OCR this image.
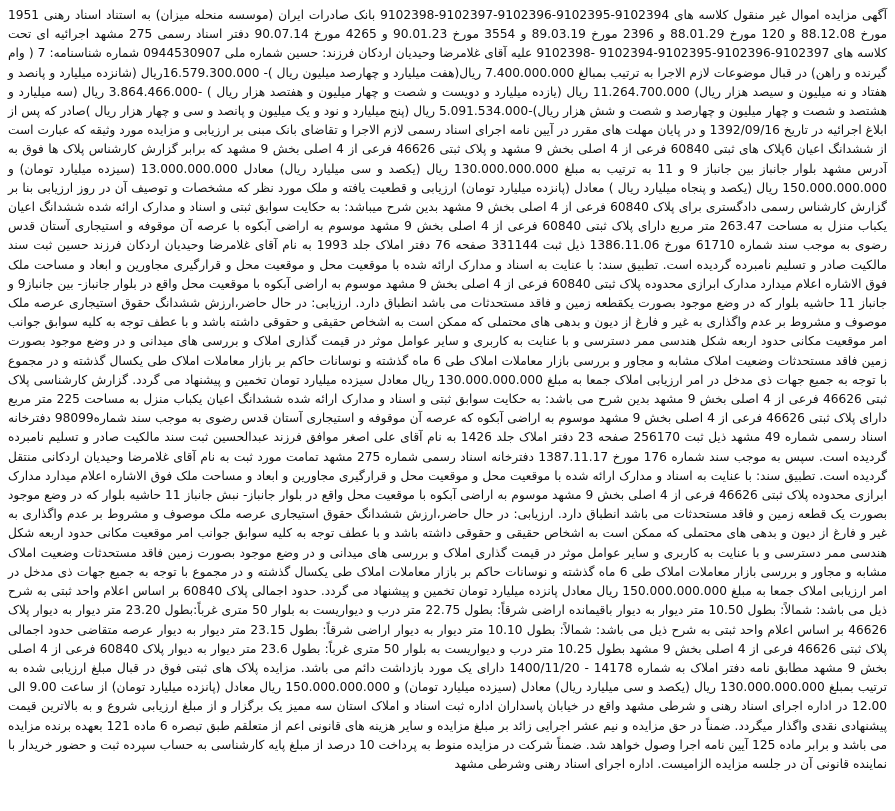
آگهی مزایده اموال غیر منقول کلاسه های 9102394-9102395-9102396-9102397-9102398 بانک صادرات ایران (موسسه منحله میزان) به استناد اسناد رهنی 1951 مورخ 88.12.08 و 120 مورخ 88.01.29 و 2396 مورخ 89.03.19 و 3554 مورخ 90.01.23 و 4265 مورخ 90.07.14 دفتر اسناد رسمی 275 مشهد اجرائیه ای تحت کلاسه های 9102397-9102396-9102395-9102394 -9102398 علیه آقای غلامرضا وحیدیان اردکان فرزند: حسین شماره ملی 0944530907 شماره شناسنامه: 7 ( وام گیرنده و راهن) در قبال موضوعات لازم الاجرا به ترتیب بمبالغ 7.400.000.000 ریال(هفت میلیارد و چهارصد میلیون ریال )- 16.579.300.000ریال (شانزده میلیارد و پانصد و هفتاد و نه میلیون و سیصد هزار ریال) 11.264.700.000 ریال (یازده میلیارد و دویست و شصت و چهار میلیون و هفتصد هزار ریال ) -3.864.466.000 ریال (سه میلیارد و هشتصد و شصت و چهار میلیون و چهارصد و شصت و شش هزار ریال)-5.091.534.000 ریال (پنج میلیارد و نود و یک میلیون و پانصد و سی و چهار هزار ریال )صادر که پس از ابلاغ اجرائیه در تاریخ 1392/09/16 و در پایان مهلت های مقرر در آیین نامه اجرای اسناد رسمی لازم الاجرا و تقاضای بانک مبنی بر ارزیابی و مزایده مورد وثیقه که عبارت است از ششدانگ اعیان 6پلاک های ثبتی 60840 فرعی از 4 اصلی بخش 9 مشهد و پلاک ثبتی 46626 فرعی از 4 اصلی بخش 9 مشهد که برابر گزارش کارشناس پلاک ها فوق به آدرس مشهد بلوار جانباز بین جانباز 9 و 11 به ترتیب به مبلغ 130.000.000.000 ریال (یکصد و سی میلیارد ریال) معادل 13.000.000.000 (سیزده میلیارد تومان) و 150.000.000.000 ریال (یکصد و پنجاه میلیارد ریال ) معادل (پانزده میلیارد تومان) ارزیابی و قطعیت یافته و ملک مورد نظر که مشخصات و توصیف آن در روز ارزیابی بنا بر گزارش کارشناس رسمی دادگستری برای پلاک 60840 فرعی از 4 اصلی بخش 9 مشهد بدین شرح میباشد: به حکایت سوابق ثبتی و اسناد و مدارک ارائه شده ششدانگ اعیان یکباب منزل به مساحت 263.47 متر مربع دارای پلاک ثبتی 60840 فرعی از 4 اصلی بخش 9 مشهد موسوم به اراضی آبکوه با عرصه آن موقوفه و استیجاری آستان قدس رضوی به موجب سند شماره 61710 مورخ 1386.11.06 ذیل ثبت 331144 صفحه 76 دفتر املاک جلد 1993 به نام آقای غلامرضا وحیدیان اردکان فرزند حسین ثبت سند مالکیت صادر و تسلیم نامبرده گردیده است. تطبیق سند: با عنایت به اسناد و مدارک ارائه شده با موقعیت محل و موقعیت محل و قرارگیری مجاورین و ابعاد و مساحت ملک فوق الاشاره اعلام میدارد مدارک ابرازی محدوده پلاک ثبتی 60840 فرعی از 4 اصلی بخش 9 مشهد موسوم به اراضی آبکوه با موقعیت محل واقع در بلوار جانباز- بین جانباز9 و جانباز 11 حاشیه بلوار که در وضع موجود بصورت یکقطعه زمین و فاقد مستحدثات می باشد انطباق دارد. ارزیابی: در حال حاضر،ارزش ششدانگ حقوق استیجاری عرصه ملک موصوف و مشروط بر عدم واگذاری به غیر و فارغ از دیون و بدهی های محتملی که ممکن است به اشخاص حقیقی و حقوقی داشته باشد و با عطف توجه به کلیه سوابق جوانب امر موقعیت مکانی حدود اربعه شکل هندسی ممر دسترسی و با عنایت به کاربری و سایر عوامل موثر در قیمت گذاری املاک و بررسی های میدانی و در وضع موجود بصورت زمین فاقد مستحدثات وضعیت املاک مشابه و مجاور و بررسی بازار معاملات املاک طی 6 ماه گذشته و نوسانات حاکم بر بازار معاملات املاک طی یکسال گذشته و در مجموع با توجه به جمیع جهات ذی مدخل در امر ارزیابی املاک جمعا به مبلغ 130.000.000.000 ریال معادل سیزده میلیارد تومان تخمین و پیشنهاد می گردد. گزارش کارشناسی پلاک ثبتی 46626 فرعی از 4 اصلی بخش 9 مشهد بدین شرح می باشد: به حکایت سوابق ثبتی و اسناد و مدارک ارائه شده ششدانگ اعیان یکباب منزل به مساحت 225 متر مربع دارای پلاک ثبتی 46626 فرعی از 4 اصلی بخش 9 مشهد موسوم به اراضی آبکوه که عرصه آن موقوفه و استیجاری آستان قدس رضوی به موجب سند شماره98099 دفترخانه اسناد رسمی شماره 49 مشهد ذیل ثبت 256170 صفحه 23 دفتر املاک جلد 1426 به نام آقای علی اصغر موافق فرزند عبدالحسین ثبت سند مالکیت صادر و تسلیم نامبرده گردیده است. سپس به موجب سند شماره 176 مورخ 1387.11.17 دفترخانه اسناد رسمی شماره 275 مشهد تمامت مورد ثبت به نام آقای غلامرضا وحیدیان اردکانی منتقل گردیده است. تطبیق سند: با عنایت به اسناد و مدارک ارائه شده با موقعیت محل و موقعیت محل و قرارگیری مجاورین و ابعاد و مساحت ملک فوق الاشاره اعلام میدارد مدارک ابرازی محدوده پلاک ثبتی 46626 فرعی از 4 اصلی بخش 9 مشهد موسوم به اراضی آبکوه با موقعیت محل واقع در بلوار جانباز- نبش جانباز 11 حاشیه بلوار که در وضع موجود بصورت یک قطعه زمین و فاقد مستحدثات می باشد انطباق دارد. ارزیابی: در حال حاضر،ارزش ششدانگ حقوق استیجاری عرصه ملک موصوف و مشروط بر عدم واگذاری به غیر و فارغ از دیون و بدهی های محتملی که ممکن است به اشخاص حقیقی و حقوقی داشته باشد و با عطف توجه به کلیه سوابق جوانب امر موقعیت مکانی حدود اربعه شکل هندسی ممر دسترسی و با عنایت به کاربری و سایر عوامل موثر در قیمت گذاری املاک و بررسی های میدانی و در وضع موجود بصورت زمین فاقد مستحدثات وضعیت املاک مشابه و مجاور و بررسی بازار معاملات املاک طی 6 ماه گذشته و نوسانات حاکم بر بازار معاملات املاک طی یکسال گذشته و در مجموع با توجه به جمیع جهات ذی مدخل در امر ارزیابی املاک جمعا به مبلغ 150.000.000.000 ریال معادل پانزده میلیارد تومان تخمین و پیشنهاد می گردد. حدود اجمالی پلاک 60840 بر اساس اعلام واحد ثبتی به شرح ذیل می باشد: شمالاً: بطول 10.50 متر دیوار به دیوار باقیمانده اراضی شرقاً: بطول 22.75 متر درب و دیواریست به بلوار 50 متری غرباً:بطول 23.20 متر دیوار به دیوار پلاک 46626 بر اساس اعلام واحد ثبتی به شرح ذیل می باشد: شمالاً: بطول 10.10 متر دیوار به دیوار اراضی شرقاً: بطول 23.15 متر دیوار به دیوار عرصه متقاضی حدود اجمالی پلاک ثبتی 46626 فرعی از 4 اصلی بخش 9 مشهد بطول 10.25 متر درب و دیواریست به بلوار 50 متری غرباً: بطول 23.6 متر دیوار به دیوار پلاک 60840 فرعی از 4 اصلی بخش 9 مشهد مطابق نامه دفتر املاک به شماره 14178 - 1400/11/20 دارای یک مورد بازداشت دائم می باشد. مزایده پلاک های ثبتی فوق در قبال مبلغ ارزیابی شده به ترتیب بمبلغ 130.000.000.000 ریال (یکصد و سی میلیارد ریال) معادل (سیزده میلیارد تومان) و 150.000.000.000 ریال معادل (پانزده میلیارد تومان) از ساعت 9.00 الی 12.00 در اداره اجرای اسناد رهنی و شرطی مشهد واقع در خیابان پاسداران اداره ثبت اسناد و املاک استان سه ممیز یک برگزار و از مبلغ ارزیابی شروع و به بالاترین قیمت پیشنهادی نقدی واگذار میگردد. ضمناً در حق مزایده و نیم عشر اجرایی زائد بر مبلغ مزایده و سایر هزینه های قانونی اعم از متعلقم طبق تبصره 6 ماده 121 بعهده برنده مزایده می باشد و برابر ماده 125 آیین نامه اجرا وصول خواهد شد. ضمناً شرکت در مزایده منوط به پرداخت 10 درصد از مبلغ پایه کارشناسی به حساب سپرده ثبت و حضور خریدار با نماینده قانونی آن در جلسه مزایده الزامیست. اداره اجرای اسناد رهنی وشرطی مشهد
